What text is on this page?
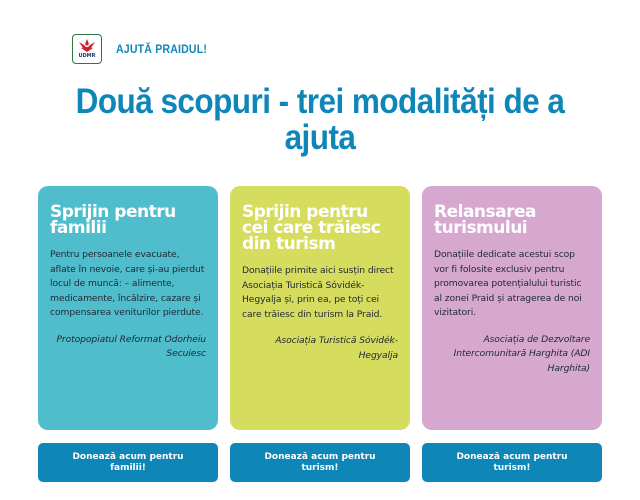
UDMR AJUTĂ PRAIDUL!
Două scopuri - trei modalități de a ajuta
Sprijin pentru familii
Pentru persoanele evacuate, aflate în nevoie, care și-au pierdut locul de muncă: – alimente, medicamente, încălzire, cazare și compensarea veniturilor pierdute.
Protopopiatul Reformat Odorheiu Secuiesc
Sprijin pentru cei care trăiesc din turism
Donațiile primite aici susțin direct Asociația Turistică Sóvidék-Hegyalja și, prin ea, pe toți cei care trăiesc din turism la Praid.
Asociația Turistică Sóvidék-Hegyalja
Relansarea turismului
Donațiile dedicate acestui scop vor fi folosite exclusiv pentru promovarea potențialului turistic al zonei Praid și atragerea de noi vizitatori.
Asociația de Dezvoltare Intercomunitară Harghita (ADI Harghita)
Donează acum pentru familii!
Donează acum pentru turism!
Donează acum pentru turism!
